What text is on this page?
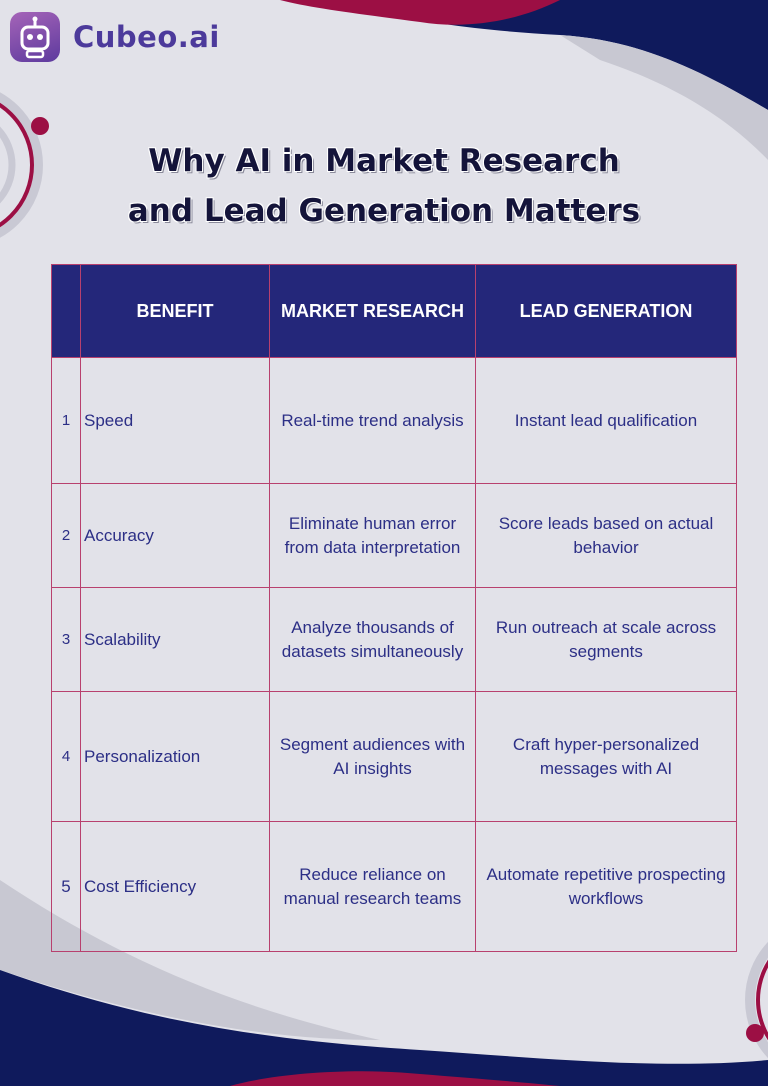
Cubeo.ai
Why AI in Market Research
and Lead Generation Matters
	BENEFIT	MARKET RESEARCH	LEAD GENERATION
1	Speed	Real-time trend analysis	Instant lead qualification
2	Accuracy	Eliminate human error from data interpretation	Score leads based on actual behavior
3	Scalability	Analyze thousands of datasets simultaneously	Run outreach at scale across segments
4	Personalization	Segment audiences with AI insights	Craft hyper-personalized messages with AI
5	Cost Efficiency	Reduce reliance on manual research teams	Automate repetitive prospecting workflows
